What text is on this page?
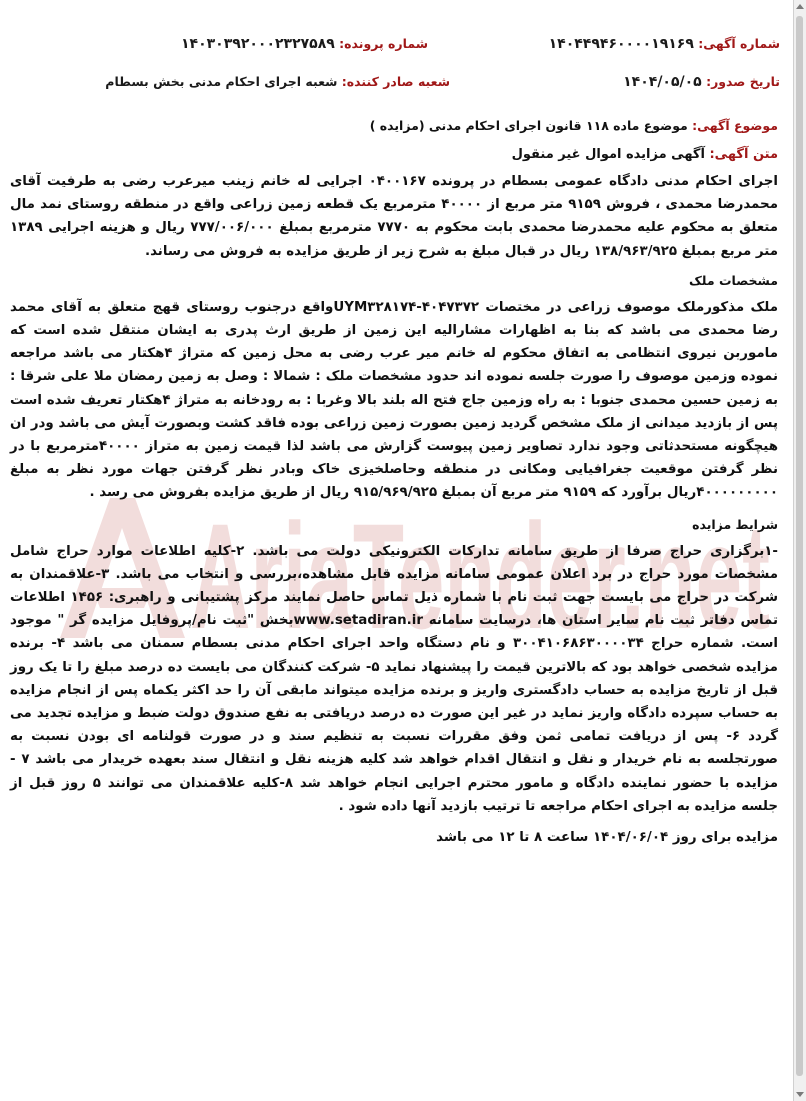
AriaTender.net
شماره آگهی: ۱۴۰۴۴۹۴۶۰۰۰۰۱۹۱۶۹
شماره پرونده: ۱۴۰۳۰۳۹۲۰۰۰۲۳۲۷۵۸۹
تاریخ صدور: ۱۴۰۴/۰۵/۰۵
شعبه صادر کننده: شعبه اجرای احکام مدنی بخش بسطام
موضوع آگهی: موضوع ماده ۱۱۸ قانون اجرای احکام مدنی (مزایده )
متن آگهی: آگهی مزایده اموال غیر منقول

اجرای احکام مدنی دادگاه عمومی بسطام در پرونده ۰۴۰۰۱۶۷ اجرایی له خانم زینب میرعرب رضی به طرفیت آقای محمدرضا محمدی ، فروش ۹۱۵۹ متر مربع از ۴۰۰۰۰ مترمربع یک قطعه زمین زراعی واقع در منطقه روستای نمد مال متعلق به محکوم علیه محمدرضا محمدی بابت محکوم به ۷۷۷۰ مترمربع بمبلغ ۷۷۷/۰۰۶/۰۰۰ ریال و هزینه اجرایی ۱۳۸۹ متر مربع بمبلغ ۱۳۸/۹۶۳/۹۲۵ ریال در قبال مبلغ به شرح زیر از طریق مزایده به فروش می رساند.

مشخصات ملک

ملک مذکورملک موصوف زراعی در مختصات UYM۳۲۸۱۷۴-۴۰۴۷۳۷۲واقع درجنوب روستای قهج متعلق به آقای محمد رضا محمدی می باشد که بنا به اظهارات مشارالیه این زمین از طریق ارث پدری به ایشان منتقل شده است که ماموربن نیروی انتظامی به اتفاق محکوم له خانم میر عرب رضی به محل زمین که متراژ ۴هکتار می باشد مراجعه نموده وزمین موصوف را صورت جلسه نموده اند حدود مشخصات ملک : شمالا : وصل به زمین رمضان ملا علی شرقا : به زمین حسین محمدی جنوبا : به راه وزمین جاج فتح اله بلند بالا وغربا : به رودخانه به متراژ ۴هکتار تعریف شده است پس از بازدید میدانی از ملک مشخص گردید زمین بصورت زمین زراعی بوده فاقد کشت وبصورت آیش می باشد ودر ان هیچگونه مستحدثاتی وجود ندارد تصاویر زمین پیوست گزارش می باشد لذا قیمت زمین به متراز ۴۰۰۰۰مترمربع با در نظر گرفتن موقعیت جغرافیایی ومکانی در منطقه وحاصلخیزی خاک وبادر نظر گرفتن جهات مورد نظر به مبلغ ۴۰۰۰۰۰۰۰۰۰ریال برآورد که ۹۱۵۹ متر مربع آن بمبلغ ۹۱۵/۹۶۹/۹۲۵ ریال از طریق مزایده بفروش می رسد .

شرایط مزایده

-۱برگزاری حراج صرفا از طریق سامانه تدارکات الکترونیکی دولت می باشد. ۲-کلیه اطلاعات موارد حراج شامل مشخصات مورد حراج در برد اعلان عمومی سامانه مزایده قابل مشاهده،بررسی و انتخاب می باشد. ۳-علاقمندان به شرکت در حراج می بایست جهت ثبت نام با شماره ذیل تماس حاصل نمایند مرکز پشتیبانی و راهبری: ۱۴۵۶ اطلاعات تماس دفاتر ثبت نام سایر استان ها، درسایت سامانه www.setadiran.irبخش "ثبت نام/پروفایل مزایده گر " موجود است. شماره حراج ۳۰۰۴۱۰۶۸۶۳۰۰۰۰۳۴ و نام دستگاه واحد اجرای احکام مدنی بسطام سمنان می باشد ۴- برنده مزایده شخصی خواهد بود که بالاترین قیمت را پیشنهاد نماید ۵- شرکت کنندگان می بایست ده درصد مبلغ را تا یک روز قبل از تاریخ مزایده به حساب دادگستری واریز و برنده مزایده میتواند مابقی آن را حد اکثر یکماه پس از انجام مزایده به حساب سپرده دادگاه واریز نماید در غیر این صورت ده درصد دریافتی به نفع صندوق دولت ضبط و مزایده تجدید می گردد ۶- پس از دریافت تمامی ثمن وفق مقررات نسبت به تنظیم سند و در صورت قولنامه ای بودن نسبت به صورتجلسه به نام خریدار و نقل و انتقال اقدام خواهد شد کلیه هزینه نقل و انتقال سند بعهده خریدار می باشد ۷ - مزایده با حضور نماینده دادگاه و مامور محترم اجرایی انجام خواهد شد ۸-کلیه علاقمندان می توانند ۵ روز قبل از جلسه مزایده به اجرای احکام مراجعه تا ترتیب بازدید آنها داده شود .

مزایده برای روز ۱۴۰۴/۰۶/۰۴ ساعت ۸ تا ۱۲ می باشد
